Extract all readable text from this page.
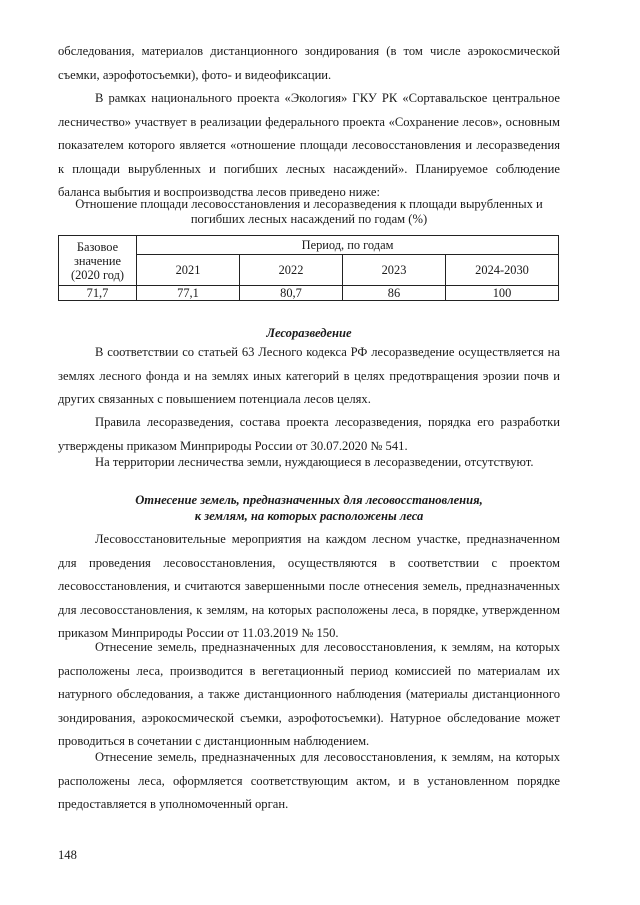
обследования, материалов дистанционного зондирования (в том числе аэрокосмической съемки, аэрофотосъемки), фото- и видеофиксации.

В рамках национального проекта «Экология» ГКУ РК «Сортавальское центральное лесничество» участвует в реализации федерального проекта «Сохранение лесов», основным показателем которого является «отношение площади лесовосстановления и лесоразведения к площади вырубленных и погибших лесных насаждений». Планируемое соблюдение баланса выбытия и воспроизводства лесов приведено ниже:

Отношение площади лесовосстановления и лесоразведения к площади вырубленных и

погибших лесных насаждений по годам (%)

Базовое значение (2020 год)	Период, по годам			
	2021	2022	2023	2024-2030
71,7	77,1	80,7	86	100

Лесоразведение

В соответствии со статьей 63 Лесного кодекса РФ лесоразведение осуществляется на землях лесного фонда и на землях иных категорий в целях предотвращения эрозии почв и других связанных с повышением потенциала лесов целях.

Правила лесоразведения, состава проекта лесоразведения, порядка его разработки утверждены приказом Минприроды России от 30.07.2020 № 541.

На территории лесничества земли, нуждающиеся в лесоразведении, отсутствуют.

Отнесение земель, предназначенных для лесовосстановления,

к землям, на которых расположены леса

Лесовосстановительные мероприятия на каждом лесном участке, предназначенном для проведения лесовосстановления, осуществляются в соответствии с проектом лесовосстановления, и считаются завершенными после отнесения земель, предназначенных для лесовосстановления, к землям, на которых расположены леса, в порядке, утвержденном приказом Минприроды России от 11.03.2019 № 150.

Отнесение земель, предназначенных для лесовосстановления, к землям, на которых расположены леса, производится в вегетационный период комиссией по материалам их натурного обследования, а также дистанционного наблюдения (материалы дистанционного зондирования, аэрокосмической съемки, аэрофотосъемки). Натурное обследование может проводиться в сочетании с дистанционным наблюдением.

Отнесение земель, предназначенных для лесовосстановления, к землям, на которых расположены леса, оформляется соответствующим актом, и в установленном порядке предоставляется в уполномоченный орган.

148
